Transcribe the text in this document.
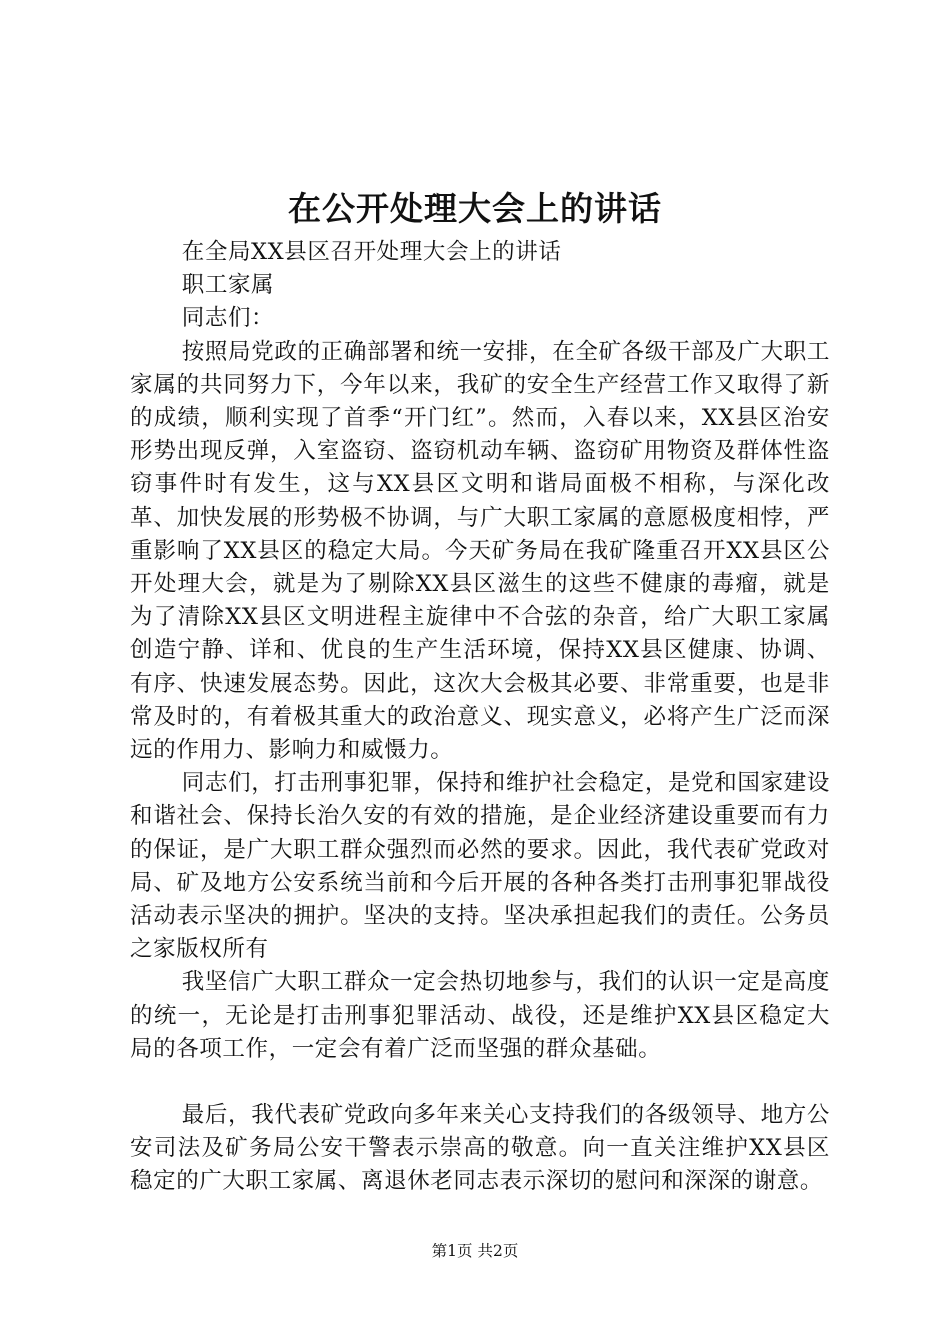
在公开处理大会上的讲话

在全局XX县区召开处理大会上的讲话

职工家属

同志们：

按照局党政的正确部署和统一安排，在全矿各级干部及广大职工家属的共同努力下，今年以来，我矿的安全生产经营工作又取得了新的成绩，顺利实现了首季“开门红”。然而，入春以来，XX县区治安形势出现反弹，入室盗窃、盗窃机动车辆、盗窃矿用物资及群体性盗窃事件时有发生，这与XX县区文明和谐局面极不相称，与深化改革、加快发展的形势极不协调，与广大职工家属的意愿极度相悖，严重影响了XX县区的稳定大局。今天矿务局在我矿隆重召开XX县区公开处理大会，就是为了剔除XX县区滋生的这些不健康的毒瘤，就是为了清除XX县区文明进程主旋律中不合弦的杂音，给广大职工家属创造宁静、详和、优良的生产生活环境，保持XX县区健康、协调、有序、快速发展态势。因此，这次大会极其必要、非常重要，也是非常及时的，有着极其重大的政治意义、现实意义，必将产生广泛而深远的作用力、影响力和威慑力。

同志们，打击刑事犯罪，保持和维护社会稳定，是党和国家建设和谐社会、保持长治久安的有效的措施，是企业经济建设重要而有力的保证，是广大职工群众强烈而必然的要求。因此，我代表矿党政对局、矿及地方公安系统当前和今后开展的各种各类打击刑事犯罪战役活动表示坚决的拥护。坚决的支持。坚决承担起我们的责任。公务员之家版权所有

我坚信广大职工群众一定会热切地参与，我们的认识一定是高度的统一，无论是打击刑事犯罪活动、战役，还是维护XX县区稳定大局的各项工作，一定会有着广泛而坚强的群众基础。

最后，我代表矿党政向多年来关心支持我们的各级领导、地方公安司法及矿务局公安干警表示崇高的敬意。向一直关注维护XX县区稳定的广大职工家属、离退休老同志表示深切的慰问和深深的谢意。

第1页 共2页
